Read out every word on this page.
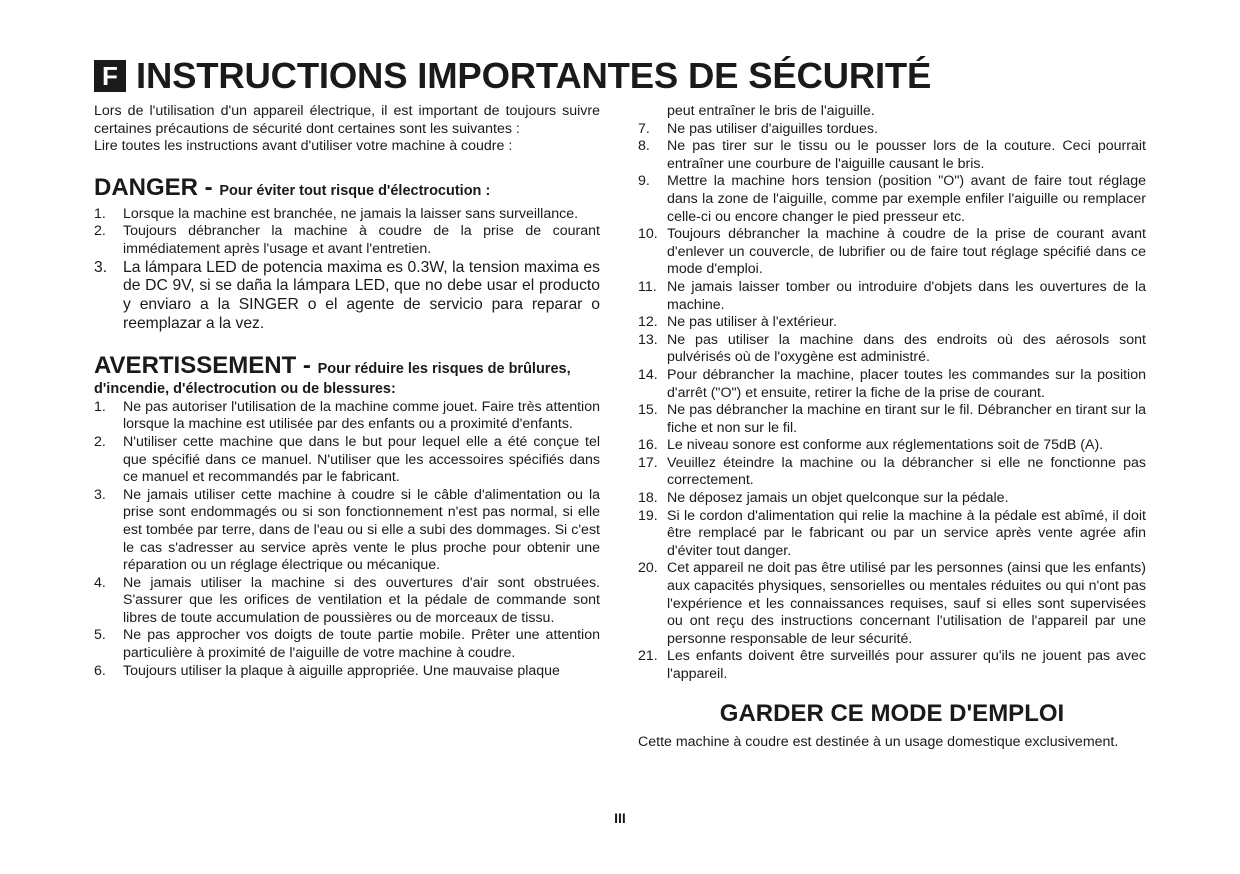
F INSTRUCTIONS IMPORTANTES DE SÉCURITÉ

Lors de l'utilisation d'un appareil électrique, il est important de toujours suivre certaines précautions de sécurité dont certaines sont les suivantes :

Lire toutes les instructions avant d'utiliser votre machine à coudre :

DANGER - Pour éviter tout risque d'électrocution :
1.	Lorsque la machine est branchée, ne jamais la laisser sans surveillance.
2.	Toujours débrancher la machine à coudre de la prise de courant immédiatement après l'usage et avant l'entretien.
3.	La lámpara LED de potencia maxima es 0.3W, la tension maxima es de DC 9V, si se daña la lámpara LED, que no debe usar el producto y enviaro a la SINGER o el agente de servicio para reparar o reemplazar a la vez.
AVERTISSEMENT - Pour réduire les risques de brûlures, d'incendie, d'électrocution ou de blessures:
1.	Ne pas autoriser l'utilisation de la machine comme jouet. Faire très attention lorsque la machine est utilisée par des enfants ou a proximité d'enfants.
2.	N'utiliser cette machine que dans le but pour lequel elle a été conçue tel que spécifié dans ce manuel. N'utiliser que les accessoires spécifiés dans ce manuel et recommandés par le fabricant.
3.	Ne jamais utiliser cette machine à coudre si le câble d'alimentation ou la prise sont endommagés ou si son fonctionnement n'est pas normal, si elle est tombée par terre, dans de l'eau ou si elle a subi des dommages. Si c'est le cas s'adresser au service après vente le plus proche pour obtenir une réparation ou un réglage électrique ou mécanique.
4.	Ne jamais utiliser la machine si des ouvertures d'air sont obstruées. S'assurer que les orifices de ventilation et la pédale de commande sont libres de toute accumulation de poussières ou de morceaux de tissu.
5.	Ne pas approcher vos doigts de toute partie mobile. Prêter une attention particulière à proximité de l'aiguille de votre machine à coudre.
6.	Toujours utiliser la plaque à aiguille appropriée. Une mauvaise plaque

peut entraîner le bris de l'aiguille.

7.	Ne pas utiliser d'aiguilles tordues.
8.	Ne pas tirer sur le tissu ou le pousser lors de la couture. Ceci pourrait entraîner une courbure de l'aiguille causant le bris.
9.	Mettre la machine hors tension (position "O") avant de faire tout réglage dans la zone de l'aiguille, comme par exemple enfiler l'aiguille ou remplacer celle-ci ou encore changer le pied presseur etc.
10. Toujours débrancher la machine à coudre de la prise de courant avant d'enlever un couvercle, de lubrifier ou de faire tout réglage spécifié dans ce mode d'emploi.
11. Ne jamais laisser tomber ou introduire d'objets dans les ouvertures de la machine.
12. Ne pas utiliser à l'extérieur.
13. Ne pas utiliser la machine dans des endroits où des aérosols sont pulvérisés où de l'oxygène est administré.
14. Pour débrancher la machine, placer toutes les commandes sur la position d'arrêt ("O") et ensuite, retirer la fiche de la prise de courant.
15. Ne pas débrancher la machine en tirant sur le fil. Débrancher en tirant sur la fiche et non sur le fil.
16. Le niveau sonore est conforme aux réglementations soit de 75dB (A).
17. Veuillez éteindre la machine ou la débrancher si elle ne fonctionne pas correctement.
18. Ne déposez jamais un objet quelconque sur la pédale.
19. Si le cordon d'alimentation qui relie la machine à la pédale est abîmé, il doit être remplacé par le fabricant ou par un service après vente agrée afin d'éviter tout danger.
20. Cet appareil ne doit pas être utilisé par les personnes (ainsi que les enfants) aux capacités physiques, sensorielles ou mentales réduites ou qui n'ont pas l'expérience et les connaissances requises, sauf si elles sont supervisées ou ont reçu des instructions concernant l'utilisation de l'appareil par une personne responsable de leur sécurité.
21. Les enfants doivent être surveillés pour assurer qu'ils ne jouent pas avec l'appareil.
GARDER CE MODE D'EMPLOI

Cette machine à coudre est destinée à un usage domestique exclusivement.

III
